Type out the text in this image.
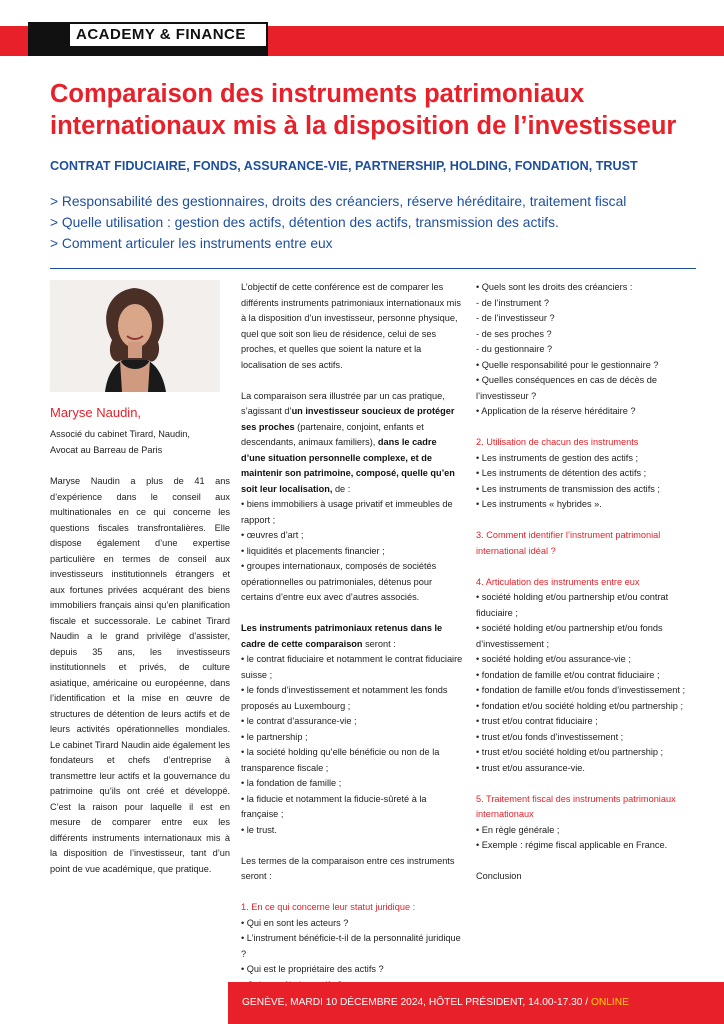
ACADEMY & FINANCE
Comparaison des instruments patrimoniaux
internationaux mis à la disposition de l’investisseur
CONTRAT FIDUCIAIRE, FONDS, ASSURANCE-VIE, PARTNERSHIP, HOLDING, FONDATION, TRUST
> Responsabilité des gestionnaires, droits des créanciers, réserve héréditaire, traitement fiscal
> Quelle utilisation : gestion des actifs, détention des actifs, transmission des actifs.
> Comment articuler les instruments entre eux
Maryse Naudin,
Associé du cabinet Tirard, Naudin,
Avocat au Barreau de Paris
Maryse Naudin a plus de 41 ans d’expérience dans le conseil aux multinationales en ce qui concerne les questions fiscales transfrontalières. Elle dispose également d’une expertise particulière en termes de conseil aux investisseurs institutionnels étrangers et aux fortunes privées acquérant des biens immobiliers français ainsi qu’en planification fiscale et successorale. Le cabinet Tirard Naudin a le grand privilège d’assister, depuis 35 ans, les investisseurs institutionnels et privés, de culture asiatique, américaine ou européenne, dans l’identification et la mise en œuvre de structures de détention de leurs actifs et de leurs activités opérationnelles mondiales. Le cabinet Tirard Naudin aide également les fondateurs et chefs d’entreprise à transmettre leur actifs et la gouvernance du patrimoine qu’ils ont créé et développé. C’est la raison pour laquelle il est en mesure de comparer entre eux les différents instruments internationaux mis à la disposition de l’investisseur, tant d’un point de vue académique, que pratique.

L’objectif de cette conférence est de comparer les différents instruments patrimoniaux internationaux mis à la disposition d’un investisseur, personne physique, quel que soit son lieu de résidence, celui de ses proches, et quelles que soient la nature et la localisation de ses actifs.

La comparaison sera illustrée par un cas pratique, s’agissant d’un investisseur soucieux de protéger ses proches (partenaire, conjoint, enfants et descendants, animaux familiers), dans le cadre d’une situation personnelle complexe, et de maintenir son patrimoine, composé, quelle qu’en soit leur localisation, de :

• biens immobiliers à usage privatif et immeubles de rapport ;

• œuvres d’art ;

• liquidités et placements financier ;

• groupes internationaux, composés de sociétés opérationnelles ou patrimoniales, détenus pour certains d’entre eux avec d’autres associés.

Les instruments patrimoniaux retenus dans le cadre de cette comparaison seront :

• le contrat fiduciaire et notamment le contrat fiduciaire suisse ;

• le fonds d’investissement et notamment les fonds proposés au Luxembourg ;

• le contrat d’assurance-vie ;

• le partnership ;

• la société holding qu’elle bénéficie ou non de la transparence fiscale ;

• la fondation de famille ;

• la fiducie et notamment la fiducie-sûreté à la française ;

• le trust.

Les termes de la comparaison entre ces instruments seront :

1. En ce qui concerne leur statut juridique :

• Qui en sont les acteurs ?

• L’instrument bénéficie-t-il de la personnalité juridique ?

• Qui est le propriétaire des actifs ?

• Quels sont les droits des créanciers :

- de l’instrument ?

- de l’investisseur ?

- de ses proches ?

- du gestionnaire ?

• Quelle responsabilité pour le gestionnaire ?

• Quelles conséquences en cas de décès de l’investisseur ?

• Application de la réserve héréditaire ?

2. Utilisation de chacun des instruments

• Les instruments de gestion des actifs ;

• Les instruments de détention des actifs ;

• Les instruments de transmission des actifs ;

• Les instruments « hybrides ».

3. Comment identifier l’instrument patrimonial international idéal ?

4. Articulation des instruments entre eux

• société holding et/ou partnership et/ou contrat fiduciaire ;

• société holding et/ou partnership et/ou fonds d’investissement ;

• société holding et/ou assurance-vie ;

• fondation de famille et/ou contrat fiduciaire ;

• fondation de famille et/ou fonds d’investissement ;

• fondation et/ou société holding et/ou partnership ;

• trust et/ou contrat fiduciaire ;

• trust et/ou fonds d’investissement ;

• trust et/ou société holding et/ou partnership ;

• trust et/ou assurance-vie.

5. Traitement fiscal des instruments patrimoniaux internationaux

• En règle générale ;

• Exemple : régime fiscal applicable en France.

Conclusion

GENÈVE, MARDI 10 DÉCEMBRE 2024, HÔTEL PRÉSIDENT, 14.00-17.30 / ONLINE
